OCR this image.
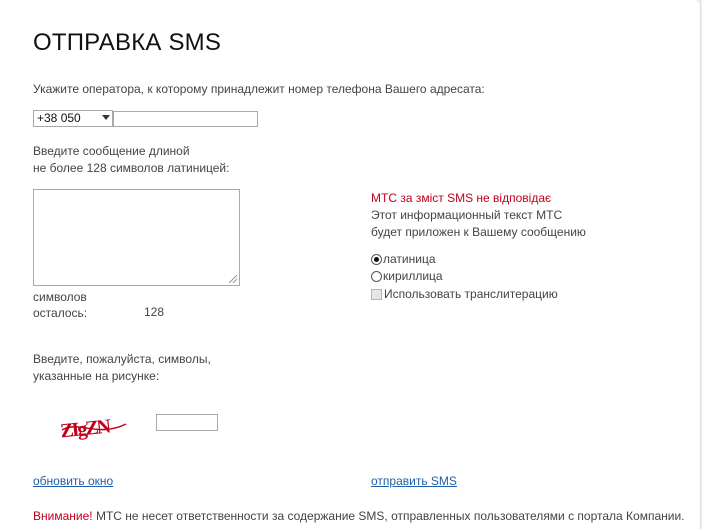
ОТПРАВКА SMS
Укажите оператора, к которому принадлежит номер телефона Вашего адресата:
+38 050
Введите сообщение длиной
не более 128 символов латиницей:
символов
осталось:	128
Введите, пожалуйста, символы,
указанные на рисунке:
ZIgZN
обновить окно
МТС за зміст SMS не відповідає
Этот информационный текст МТС
будет приложен к Вашему сообщению
латиница
кириллица
Использовать транслитерацию
отправить SMS
Внимание! МТС не несет ответственности за содержание SMS, отправленных пользователями с портала Компании.
